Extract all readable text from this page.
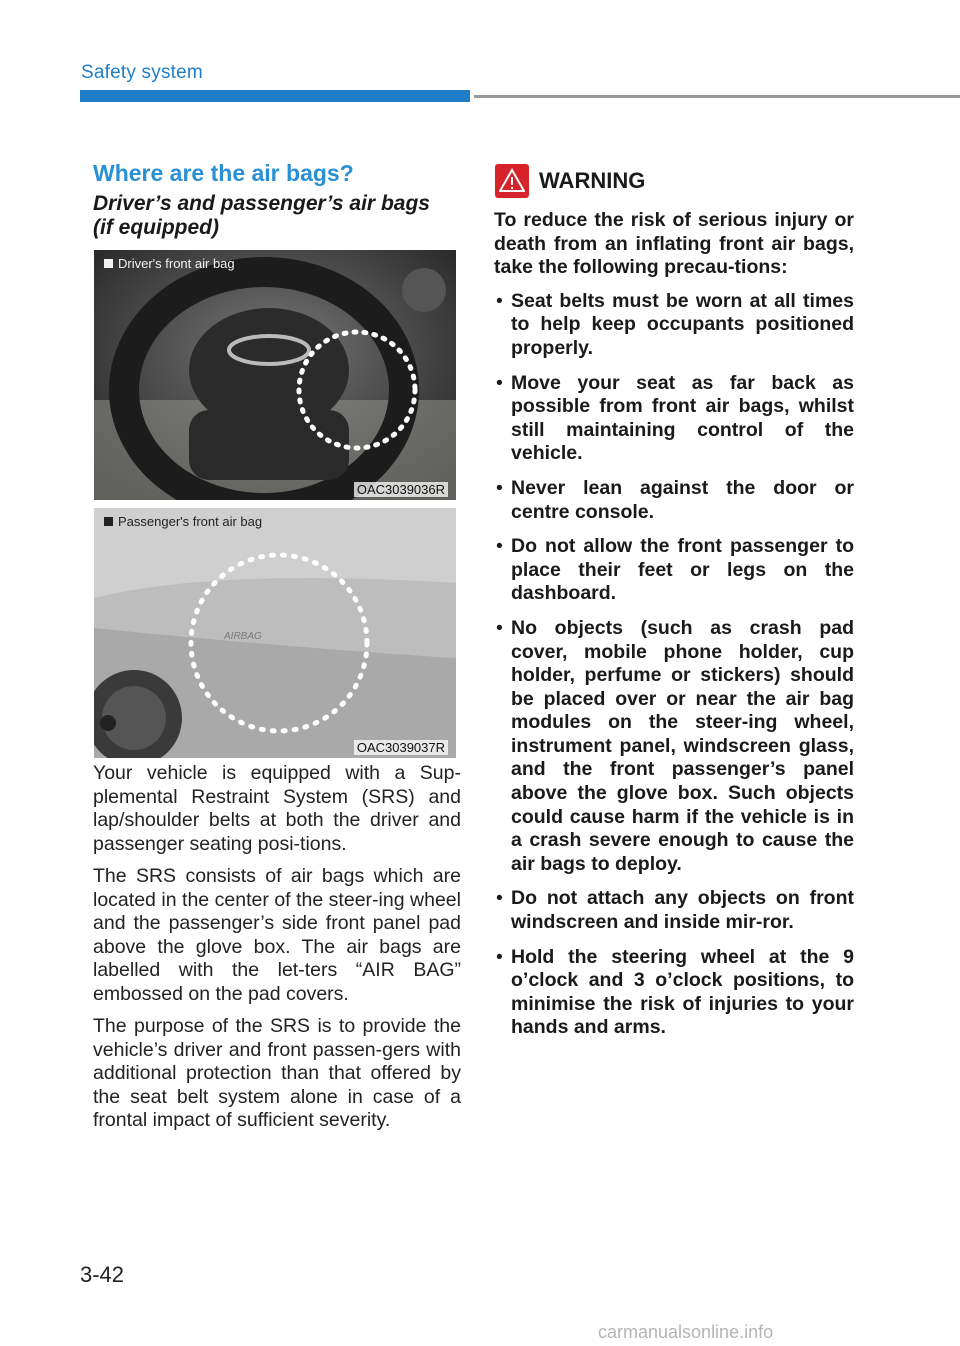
Safety system
Where are the air bags?
Driver’s and passenger’s air bags (if equipped)
Driver's front air bag
OAC3039036R
AIRBAG
Passenger's front air bag
OAC3039037R

Your vehicle is equipped with a Sup-plemental Restraint System (SRS) and lap/shoulder belts at both the driver and passenger seating posi-tions.

The SRS consists of air bags which are located in the center of the steer-ing wheel and the passenger’s side front panel pad above the glove box. The air bags are labelled with the let-ters “AIR BAG” embossed on the pad covers.

The purpose of the SRS is to provide the vehicle’s driver and front passen-gers with additional protection than that offered by the seat belt system alone in case of a frontal impact of sufficient severity.

WARNING

To reduce the risk of serious injury or death from an inflating front air bags, take the following precau-tions:

• Seat belts must be worn at all times to help keep occupants positioned properly.
• Move your seat as far back as possible from front air bags, whilst still maintaining control of the vehicle.
• Never lean against the door or centre console.
• Do not allow the front passenger to place their feet or legs on the dashboard.
• No objects (such as crash pad cover, mobile phone holder, cup holder, perfume or stickers) should be placed over or near the air bag modules on the steer-ing wheel, instrument panel, windscreen glass, and the front passenger’s panel above the glove box. Such objects could cause harm if the vehicle is in a crash severe enough to cause the air bags to deploy.
• Do not attach any objects on front windscreen and inside mir-ror.
• Hold the steering wheel at the 9 o’clock and 3 o’clock positions, to minimise the risk of injuries to your hands and arms.
3-42
carmanualsonline.info
